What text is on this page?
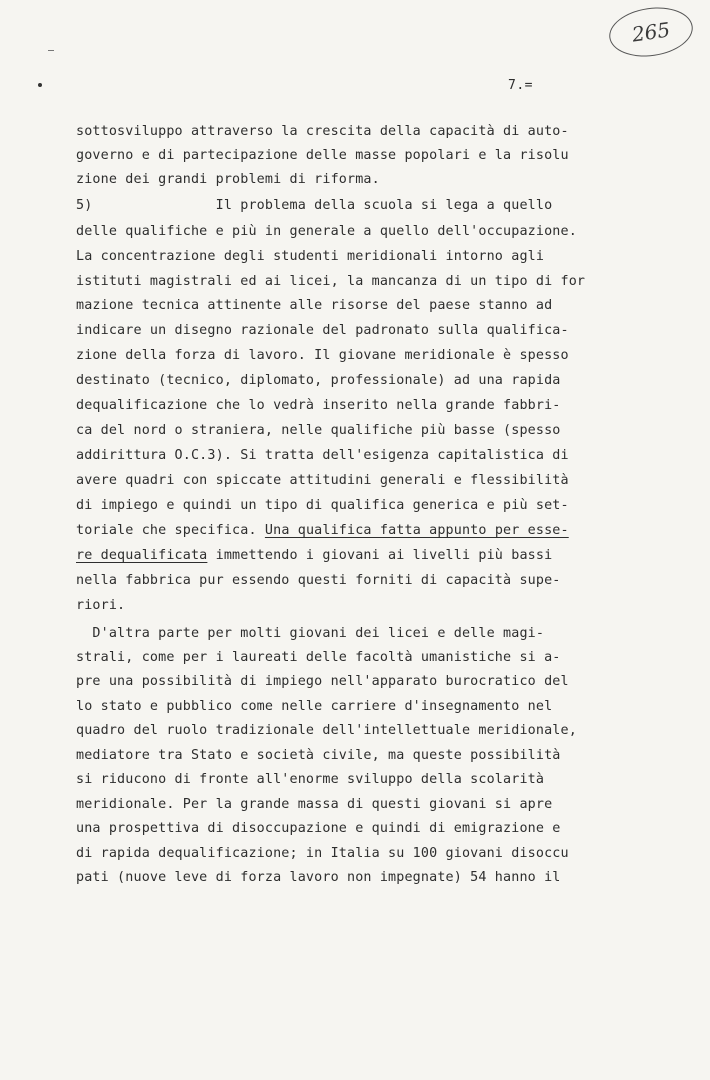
265
7.=
sottosviluppo attraverso la crescita della capacità di auto-
governo e di partecipazione delle masse popolari e la risolu
zione dei grandi problemi di riforma.
5)               Il problema della scuola si lega a quello
delle qualifiche e più in generale a quello dell'occupazione.
La concentrazione degli studenti meridionali intorno agli
istituti magistrali ed ai licei, la mancanza di un tipo di for
mazione tecnica attinente alle risorse del paese stanno ad
indicare un disegno razionale del padronato sulla qualifica-
zione della forza di lavoro. Il giovane meridionale è spesso
destinato (tecnico, diplomato, professionale) ad una rapida
dequalificazione che lo vedrà inserito nella grande fabbri-
ca del nord o straniera, nelle qualifiche più basse (spesso
addirittura O.C.3). Si tratta dell'esigenza capitalistica di
avere quadri con spiccate attitudini generali e flessibilità
di impiego e quindi un tipo di qualifica generica e più set-
toriale che specifica. Una qualifica fatta appunto per esse-
re dequalificata immettendo i giovani ai livelli più bassi
nella fabbrica pur essendo questi forniti di capacità supe-
riori.
D'altra parte per molti giovani dei licei e delle magi-
strali, come per i laureati delle facoltà umanistiche si a-
pre una possibilità di impiego nell'apparato burocratico del
lo stato e pubblico come nelle carriere d'insegnamento nel
quadro del ruolo tradizionale dell'intellettuale meridionale,
mediatore tra Stato e società civile, ma queste possibilità
si riducono di fronte all'enorme sviluppo della scolarità
meridionale. Per la grande massa di questi giovani si apre
una prospettiva di disoccupazione e quindi di emigrazione e
di rapida dequalificazione; in Italia su 100 giovani disoccu
pati (nuove leve di forza lavoro non impegnate) 54 hanno il
